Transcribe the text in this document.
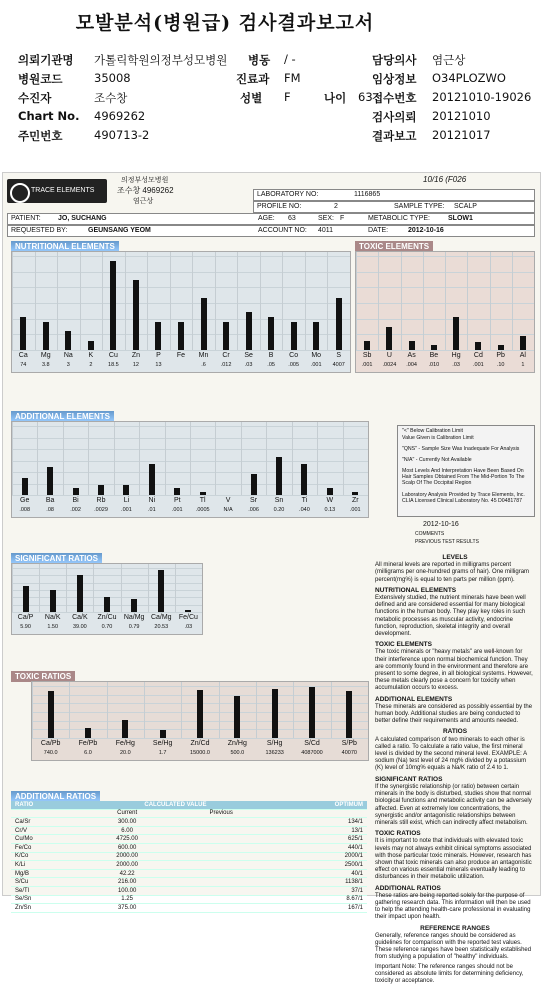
모발분석(병원급) 검사결과보고서
의뢰기관명 가톨릭학원의정부성모병원 병동 / -	담당의사 염근상
병원코드	35008	진료과 FM	임상정보 O34PLOZWO
수진자	조수창	성별 F	나이 63 접수번호 20121010-19026
Chart No. 4969262	검사의뢰 20121010
주민번호	490713-2	결과보고 20121017
TRACE ELEMENTS
의정부성모병원
조수창 4969262
염근상
10/16 (F026
LABORATORY NO:	1116865
PROFILE NO:	2	SAMPLE TYPE: SCALP
PATIENT: JO, SUCHANG	AGE: 63	SEX: F	METABOLIC TYPE:	SLOW1
REQUESTED BY:	GEUNSANG YEOM	ACCOUNT NO: 4011	DATE:	2012-10-16
NUTRITIONAL ELEMENTS	TOXIC ELEMENTS
ADDITIONAL ELEMENTS
SIGNIFICANT RATIOS
TOXIC RATIOS
ADDITIONAL RATIOS
Ca
74
Mg
3.8
Na
3
K
2
Cu
18.5
Zn
12
P
13
Fe	Mn
.6
Cr
.012
Se
.03
B
.05
Co
.005
Mo
.001
S
4007
Sb
.001
U
.0024
As
.004
Be
.010
Hg
.03
Cd
.001
Pb
.10
Al
1
Ge
.008
Ba
.08
Bi
.002
Rb
.0029
Li
.001
Ni
.01
Pt
.001
Tl
.0005
V
N/A
Sr
.006
Sn
0.20
Ti
.040
W
0.13
Zr
.001
Ca/P
5.90
Na/K
1.50
Ca/K
39.00
Zn/Cu
0.70
Na/Mg
0.79
Ca/Mg
20.53
Fe/Cu
.03
Ca/Pb
740.0
Fe/Pb
6.0
Fe/Hg
20.0
Se/Hg
1.7
Zn/Cd
15000.0
Zn/Hg
500.0
S/Hg
136233
S/Cd
4087000
S/Pb
40070
"<" Below Calibration Limit
Value Given is Calibration Limit
"QNS" - Sample Size Was Inadequate For Analysis
"N/A" - Currently Not Available
Most Levels And Interpretation Have Been Based On Hair Samples Obtained From The Mid-Portion To The Scalp Of The Occipital Region
Laboratory Analysis Provided by Trace Elements, Inc. CLIA Licensed Clinical Laboratory No. 45 D0481787
2012-10-16
COMMENTS
PREVIOUS TEST RESULTS
RATIO	CALCULATED VALUE		OPTIMUM
	Current	Previous	
Ca/Sr	300.00		134/1
Cr/V	6.00		13/1
Cu/Mo	4725.00		625/1
Fe/Co	600.00		440/1
K/Co	2000.00		2000/1
K/Li	2000.00		2500/1
Mg/B	42.22		40/1
S/Cu	216.00		1138/1
Se/Tl	100.00		37/1
Se/Sn	1.25		8.67/1
Zn/Sn	375.00		167/1
LEVELS
All mineral levels are reported in milligrams percent (milligrams per one-hundred grams of hair). One milligram percent(mg%) is equal to ten parts per million (ppm).
NUTRITIONAL ELEMENTS
Extensively studied, the nutrient minerals have been well defined and are considered essential for many biological functions in the human body. They play key roles in such metabolic processes as muscular activity, endocrine function, reproduction, skeletal integrity and overall development.
TOXIC ELEMENTS
The toxic minerals or "heavy metals" are well-known for their interference upon normal biochemical function. They are commonly found in the environment and therefore are present to some degree, in all biological systems. However, these metals clearly pose a concern for toxicity when accumulation occurs to excess.
ADDITIONAL ELEMENTS
These minerals are considered as possibly essential by the human body. Additional studies are being conducted to better define their requirements and amounts needed.
RATIOS
A calculated comparison of two minerals to each other is called a ratio. To calculate a ratio value, the first mineral level is divided by the second mineral level. EXAMPLE: A sodium (Na) test level of 24 mg% divided by a potassium (K) level of 10mg% equals a Na/K ratio of 2.4 to 1.
SIGNIFICANT RATIOS
If the synergistic relationship (or ratio) between certain minerals in the body is disturbed, studies show that normal biological functions and metabolic activity can be adversely affected. Even at extremely low concentrations, the synergistic and/or antagonistic relationships between minerals still exist, which can indirectly affect metabolism.
TOXIC RATIOS
It is important to note that individuals with elevated toxic levels may not always exhibit clinical symptoms associated with those particular toxic minerals. However, research has shown that toxic minerals can also produce an antagonistic effect on various essential minerals eventually leading to disturbances in their metabolic utilization.
ADDITIONAL RATIOS
These ratios are being reported solely for the purpose of gathering research data. This information will then be used to help the attending health-care professional in evaluating their impact upon health.
REFERENCE RANGES
Generally, reference ranges should be considered as guidelines for comparison with the reported test values. These reference ranges have been statistically established from studying a population of "healthy" individuals.
Important Note: The reference ranges should not be considered as absolute limits for determining deficiency, toxicity or acceptance.
